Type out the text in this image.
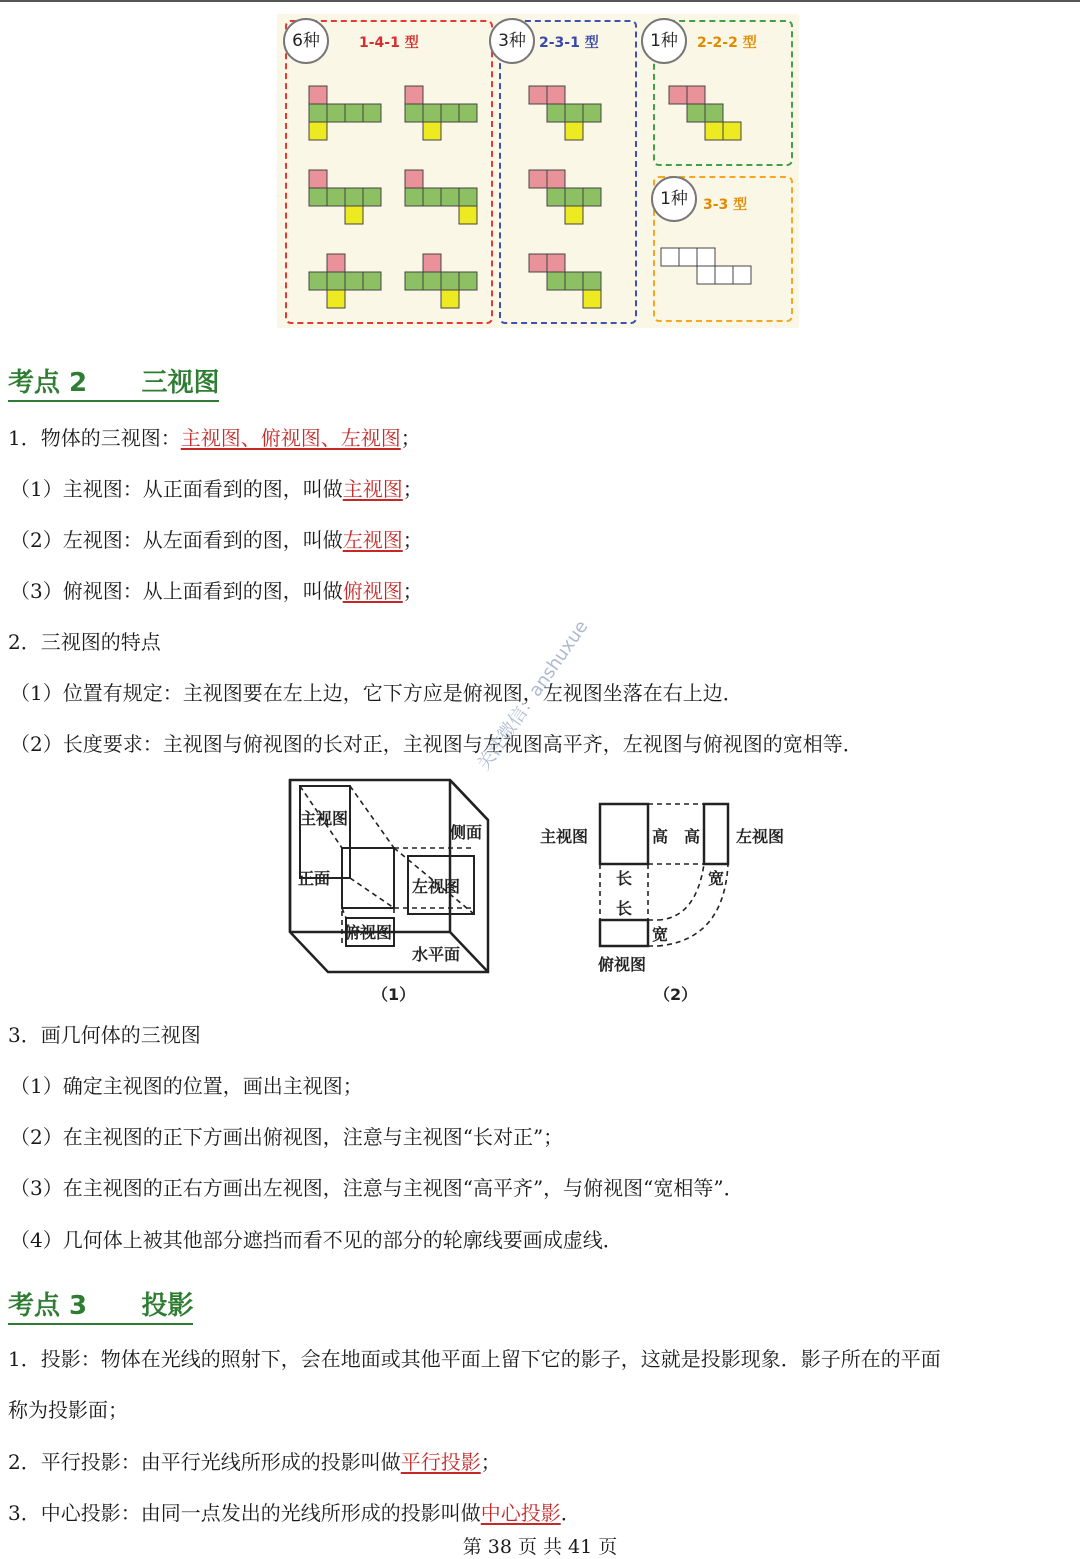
6种	1-4-1 型	3种 2-3-1 型	1种	2-2-2 型
1种	3-3 型
考点 2      三视图
1．物体的三视图：主视图、俯视图、左视图；
（1）主视图：从正面看到的图，叫做主视图；
（2）左视图：从左面看到的图，叫做左视图；
（3）俯视图：从上面看到的图，叫做俯视图；
2．三视图的特点
（1）位置有规定：主视图要在左上边，它下方应是俯视图，左视图坐落在右上边．
（2）长度要求：主视图与俯视图的长对正，主视图与左视图高平齐，左视图与俯视图的宽相等．
主视图
正面
侧面
左视图
俯视图
水平面
（1）
主视图	高 高 左视图
长
长
宽
宽
俯视图
（2）
关注微信：anshuxue
3．画几何体的三视图
（1）确定主视图的位置，画出主视图；
（2）在主视图的正下方画出俯视图，注意与主视图“长对正”；
（3）在主视图的正右方画出左视图，注意与主视图“高平齐”，与俯视图“宽相等”．
（4）几何体上被其他部分遮挡而看不见的部分的轮廓线要画成虚线．
考点 3      投影
1．投影：物体在光线的照射下，会在地面或其他平面上留下它的影子，这就是投影现象．影子所在的平面
称为投影面；
2．平行投影：由平行光线所形成的投影叫做平行投影；
3．中心投影：由同一点发出的光线所形成的投影叫做中心投影．
第 38 页 共 41 页
